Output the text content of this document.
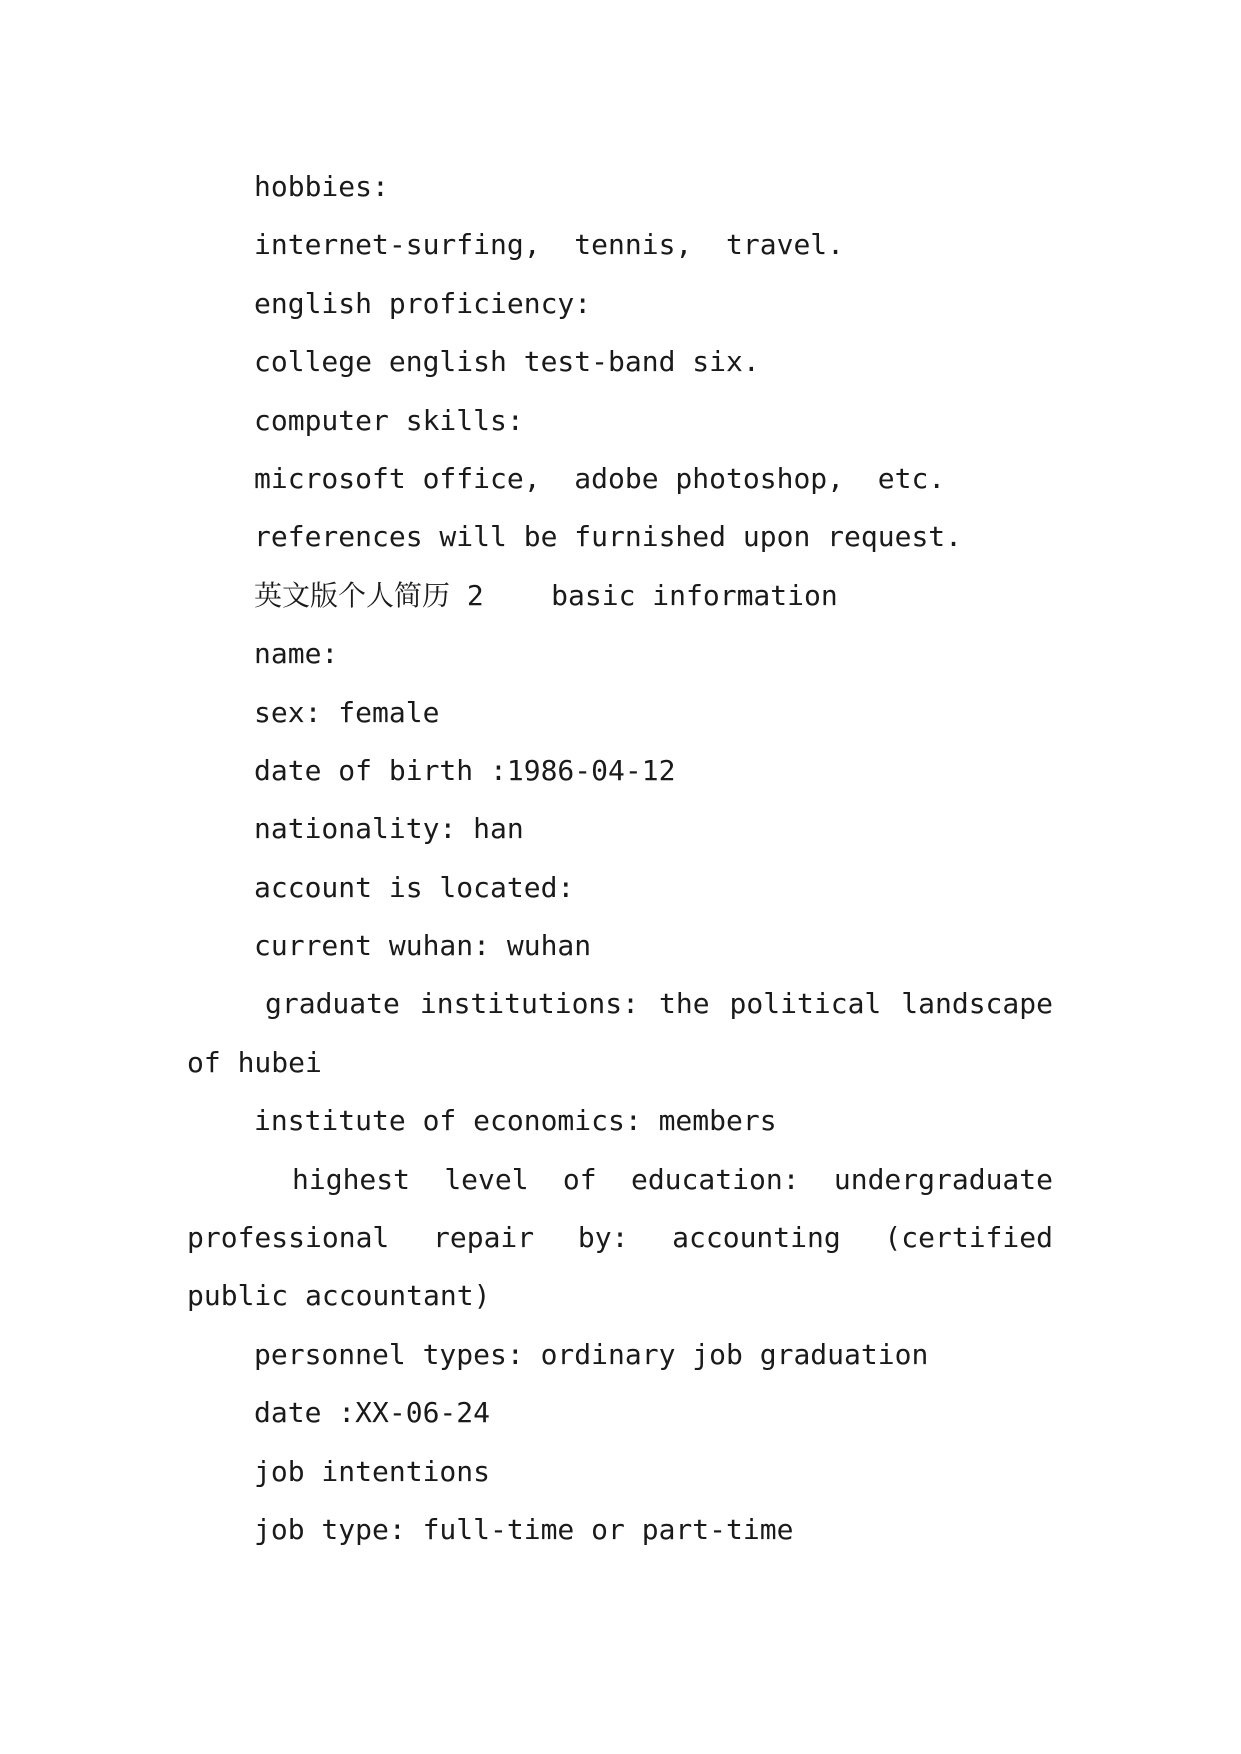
hobbies:
internet-surfing,  tennis,  travel.
english proficiency:
college english test-band six.
computer skills:
microsoft office,  adobe photoshop,  etc.
references will be furnished upon request.
英文版个人简历 2    basic information
name:
sex: female
date of birth :1986-04-12
nationality: han
account is located:
current wuhan: wuhan
graduate institutions: the political landscape
of hubei
institute of economics: members
highest level of education: undergraduate
professional repair by: accounting (certified
public accountant)
personnel types: ordinary job graduation
date :XX-06-24
job intentions
job type: full-time or part-time
